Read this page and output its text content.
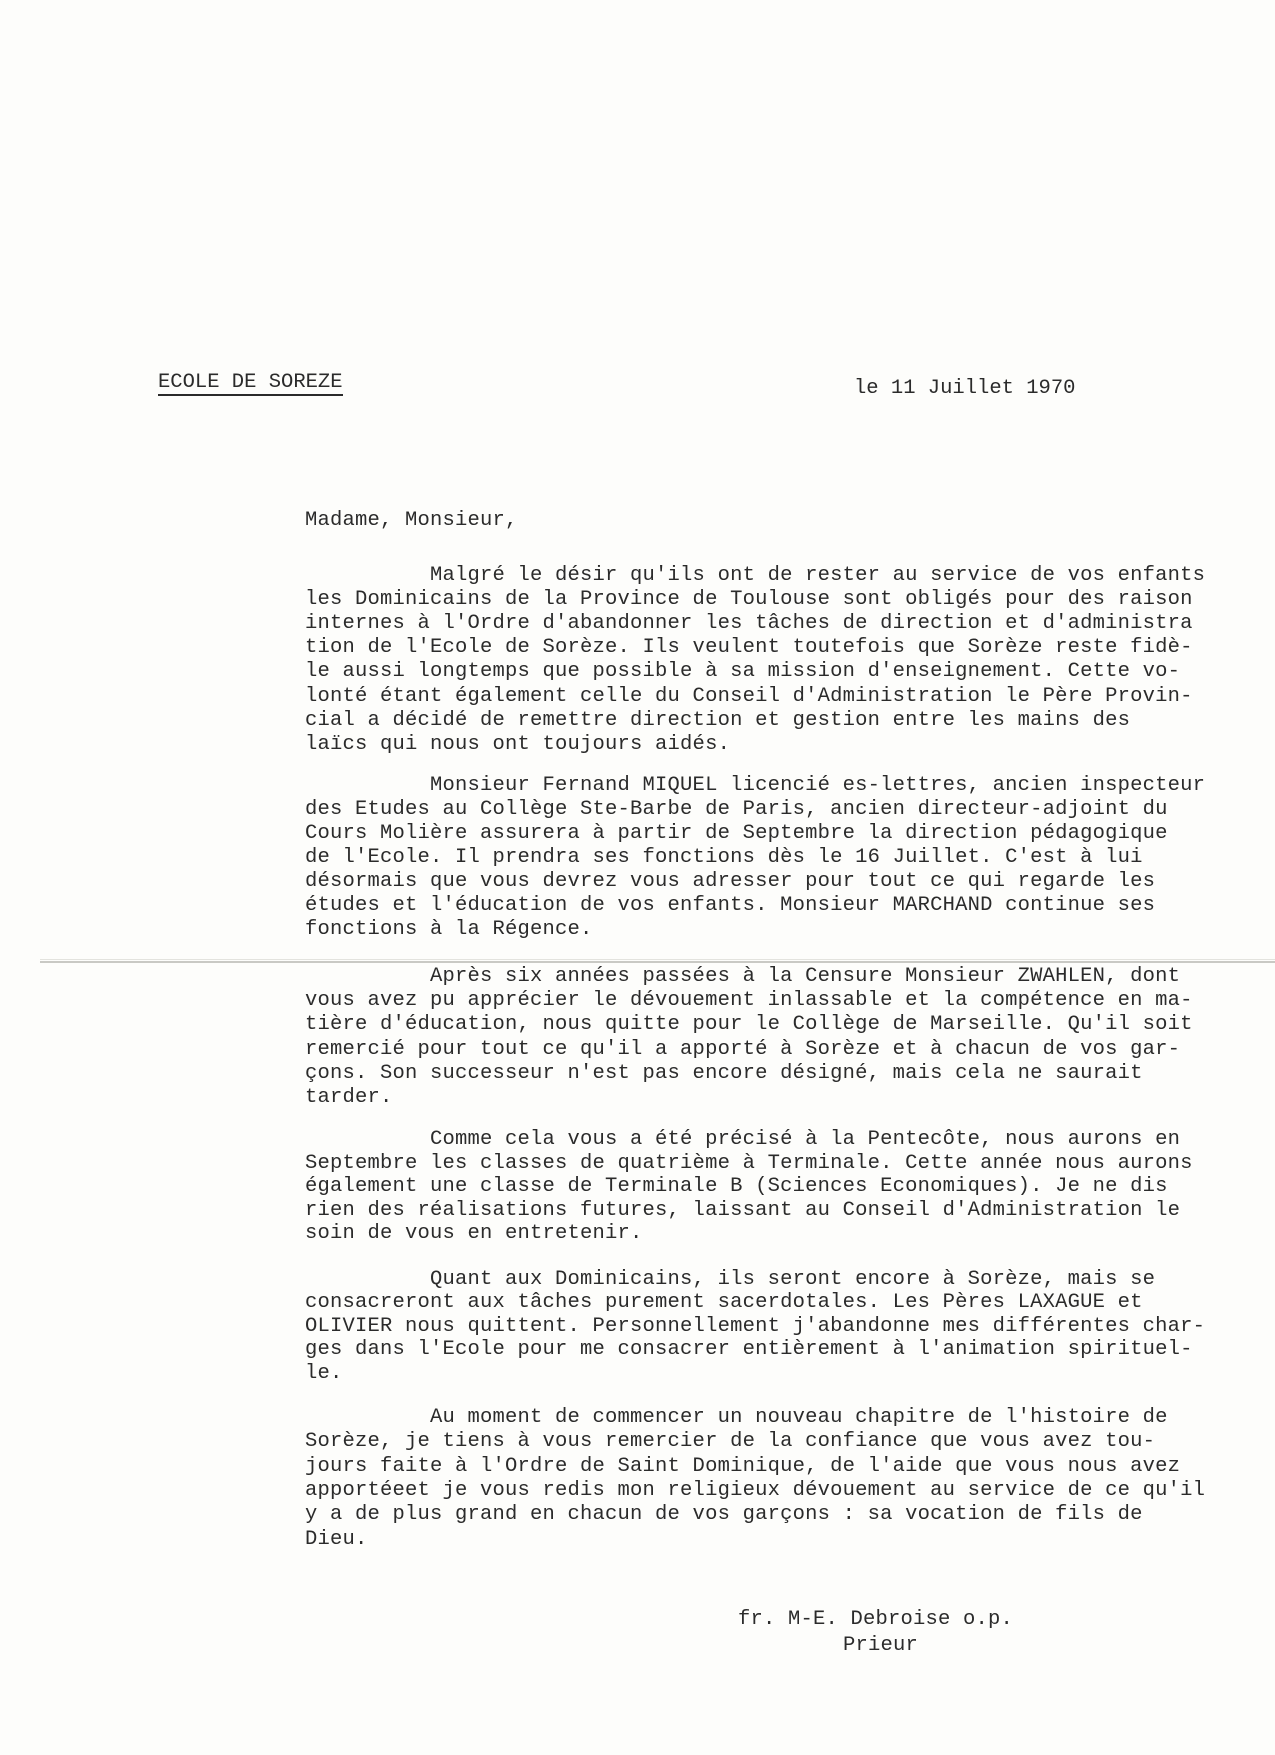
ECOLE DE SOREZE	le 11 Juillet 1970
Madame, Monsieur,
Malgré le désir qu'ils ont de rester au service de vos enfants
les Dominicains de la Province de Toulouse sont obligés pour des raison
internes à l'Ordre d'abandonner les tâches de direction et d'administra
tion de l'Ecole de Sorèze. Ils veulent toutefois que Sorèze reste fidè-
le aussi longtemps que possible à sa mission d'enseignement. Cette vo-
lonté étant également celle du Conseil d'Administration le Père Provin-
cial a décidé de remettre direction et gestion entre les mains des
laïcs qui nous ont toujours aidés.
Monsieur Fernand MIQUEL licencié es-lettres, ancien inspecteur
des Etudes au Collège Ste-Barbe de Paris, ancien directeur-adjoint du
Cours Molière assurera à partir de Septembre la direction pédagogique
de l'Ecole. Il prendra ses fonctions dès le 16 Juillet. C'est à lui
désormais que vous devrez vous adresser pour tout ce qui regarde les
études et l'éducation de vos enfants. Monsieur MARCHAND continue ses
fonctions à la Régence.
Après six années passées à la Censure Monsieur ZWAHLEN, dont
vous avez pu apprécier le dévouement inlassable et la compétence en ma-
tière d'éducation, nous quitte pour le Collège de Marseille. Qu'il soit
remercié pour tout ce qu'il a apporté à Sorèze et à chacun de vos gar-
çons. Son successeur n'est pas encore désigné, mais cela ne saurait
tarder.
Comme cela vous a été précisé à la Pentecôte, nous aurons en
Septembre les classes de quatrième à Terminale. Cette année nous aurons
également une classe de Terminale B (Sciences Economiques). Je ne dis
rien des réalisations futures, laissant au Conseil d'Administration le
soin de vous en entretenir.
Quant aux Dominicains, ils seront encore à Sorèze, mais se
consacreront aux tâches purement sacerdotales. Les Pères LAXAGUE et
OLIVIER nous quittent. Personnellement j'abandonne mes différentes char-
ges dans l'Ecole pour me consacrer entièrement à l'animation spirituel-
le.
Au moment de commencer un nouveau chapitre de l'histoire de
Sorèze, je tiens à vous remercier de la confiance que vous avez tou-
jours faite à l'Ordre de Saint Dominique, de l'aide que vous nous avez
apportéeet je vous redis mon religieux dévouement au service de ce qu'il
y a de plus grand en chacun de vos garçons : sa vocation de fils de
Dieu.
fr. M-E. Debroise o.p.
Prieur
